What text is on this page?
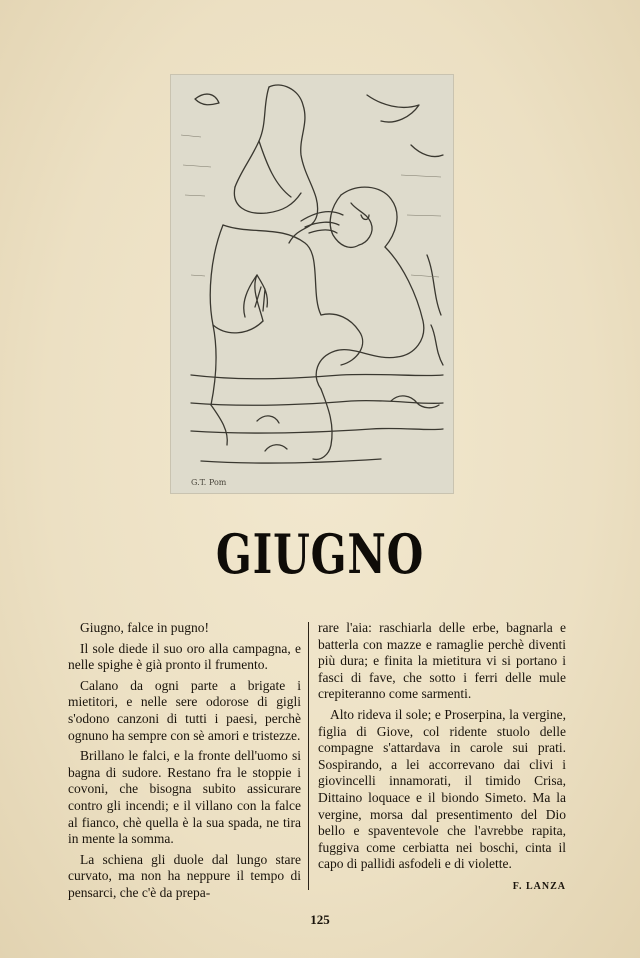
G.T. Pom
GIUGNO

Giugno, falce in pugno!

Il sole diede il suo oro alla campagna, e nelle spighe è già pronto il frumento.

Calano da ogni parte a brigate i mietitori, e nelle sere odorose di gigli s'odono canzoni di tutti i paesi, perchè ognuno ha sempre con sè amori e tristezze.

Brillano le falci, e la fronte dell'uomo si bagna di sudore. Restano fra le stoppie i covoni, che bisogna subito assicurare contro gli incendi; e il villano con la falce al fianco, chè quella è la sua spada, ne tira in mente la somma.

La schiena gli duole dal lungo stare curvato, ma non ha neppure il tempo di pensarci, che c'è da prepa-

rare l'aia: raschiarla delle erbe, bagnarla e batterla con mazze e ramaglie perchè diventi più dura; e finita la mietitura vi si portano i fasci di fave, che sotto i ferri delle mule crepiteranno come sarmenti.

Alto rideva il sole; e Proserpina, la vergine, figlia di Giove, col ridente stuolo delle compagne s'attardava in carole sui prati. Sospirando, a lei accorrevano dai clivi i giovincelli innamorati, il timido Crisa, Dittaino loquace e il biondo Simeto. Ma la vergine, morsa dal presentimento del Dio bello e spaventevole che l'avrebbe rapita, fuggiva come cerbiatta nei boschi, cinta il capo di pallidi asfodeli e di violette.

F. LANZA
125
